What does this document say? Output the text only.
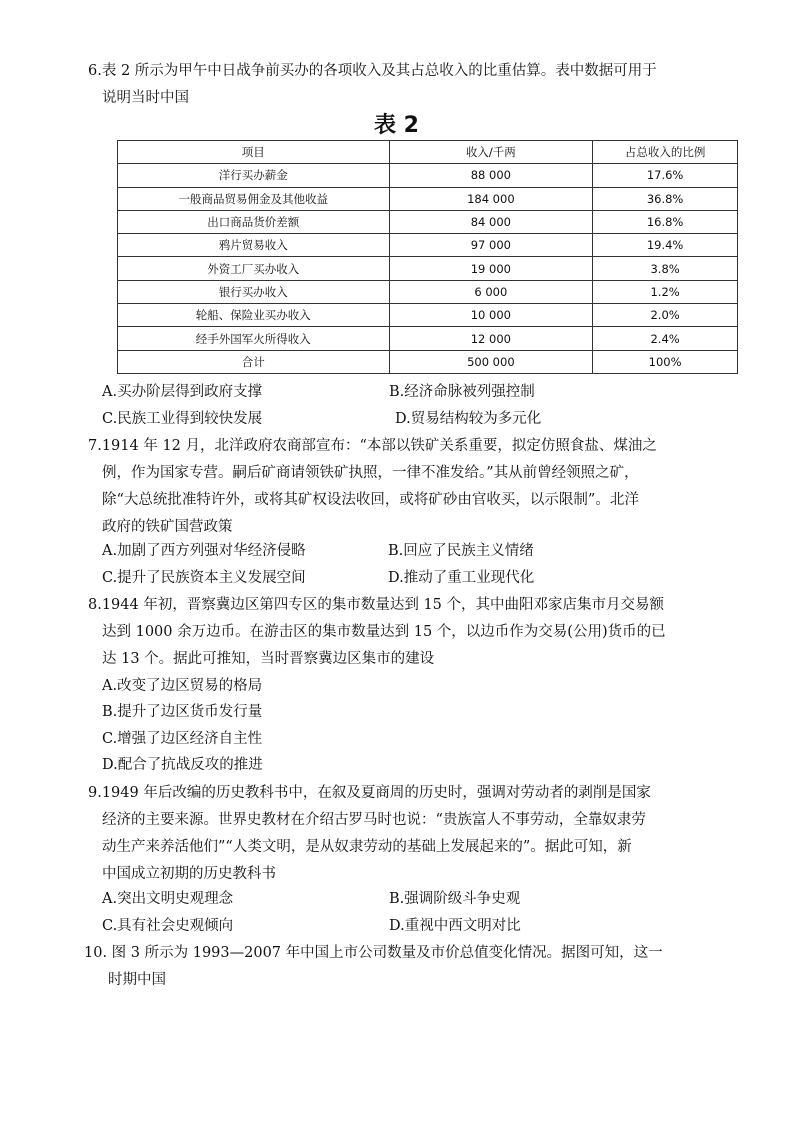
6.表 2 所示为甲午中日战争前买办的各项收入及其占总收入的比重估算。表中数据可用于
说明当时中国
表 2
项目	收入/千两	占总收入的比例
洋行买办薪金	88 000	17.6%
一般商品贸易佣金及其他收益	184 000	36.8%
出口商品货价差额	84 000	16.8%
鸦片贸易收入	97 000	19.4%
外资工厂买办收入	19 000	3.8%
银行买办收入	6 000	1.2%
轮船、保险业买办收入	10 000	2.0%
经手外国军火所得收入	12 000	2.4%
合计	500 000	100%
A.买办阶层得到政府支撑	B.经济命脉被列强控制
C.民族工业得到较快发展	D.贸易结构较为多元化
7.1914 年 12 月，北洋政府农商部宣布：“本部以铁矿关系重要，拟定仿照食盐、煤油之
例，作为国家专营。嗣后矿商请领铁矿执照，一律不准发给。”其从前曾经领照之矿，
除“大总统批准特许外，或将其矿权设法收回，或将矿砂由官收买，以示限制”。北洋
政府的铁矿国营政策
A.加剧了西方列强对华经济侵略	B.回应了民族主义情绪
C.提升了民族资本主义发展空间	D.推动了重工业现代化
8.1944 年初，晋察冀边区第四专区的集市数量达到 15 个，其中曲阳邓家店集市月交易额
达到 1000 余万边币。在游击区的集市数量达到 15 个，以边币作为交易(公用)货币的已
达 13 个。据此可推知，当时晋察冀边区集市的建设
A.改变了边区贸易的格局
B.提升了边区货币发行量
C.增强了边区经济自主性
D.配合了抗战反攻的推进
9.1949 年后改编的历史教科书中，在叙及夏商周的历史时，强调对劳动者的剥削是国家
经济的主要来源。世界史教材在介绍古罗马时也说：“贵族富人不事劳动，全靠奴隶劳
动生产来养活他们”“人类文明，是从奴隶劳动的基础上发展起来的”。据此可知，新
中国成立初期的历史教科书
A.突出文明史观理念	B.强调阶级斗争史观
C.具有社会史观倾向	D.重视中西文明对比
10. 图 3 所示为 1993—2007 年中国上市公司数量及市价总值变化情况。据图可知，这一
时期中国
